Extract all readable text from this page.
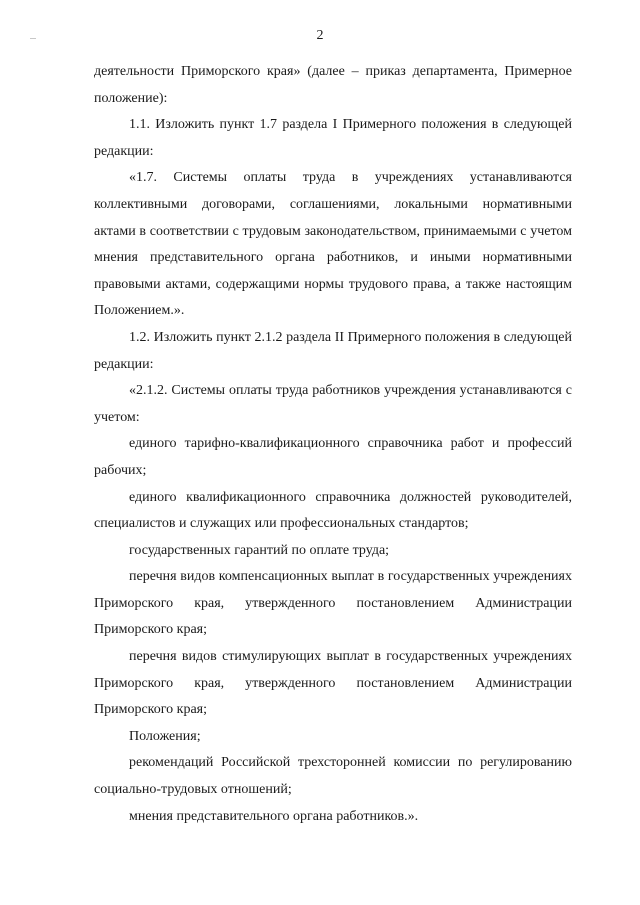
2

деятельности Приморского края» (далее – приказ департамента, Примерное положение):

1.1. Изложить пункт 1.7 раздела I Примерного положения в следующей редакции:

«1.7. Системы оплаты труда в учреждениях устанавливаются коллективными договорами, соглашениями, локальными нормативными актами в соответствии с трудовым законодательством, принимаемыми с учетом мнения представительного органа работников, и иными нормативными правовыми актами, содержащими нормы трудового права, а также настоящим Положением.».

1.2. Изложить пункт 2.1.2 раздела II Примерного положения в следующей редакции:

«2.1.2. Системы оплаты труда работников учреждения устанавливаются с учетом:

единого тарифно-квалификационного справочника работ и профессий рабочих;

единого квалификационного справочника должностей руководителей, специалистов и служащих или профессиональных стандартов;

государственных гарантий по оплате труда;

перечня видов компенсационных выплат в государственных учреждениях Приморского края, утвержденного постановлением Администрации Приморского края;

перечня видов стимулирующих выплат в государственных учреждениях Приморского края, утвержденного постановлением Администрации Приморского края;

Положения;

рекомендаций Российской трехсторонней комиссии по регулированию социально-трудовых отношений;

мнения представительного органа работников.».
